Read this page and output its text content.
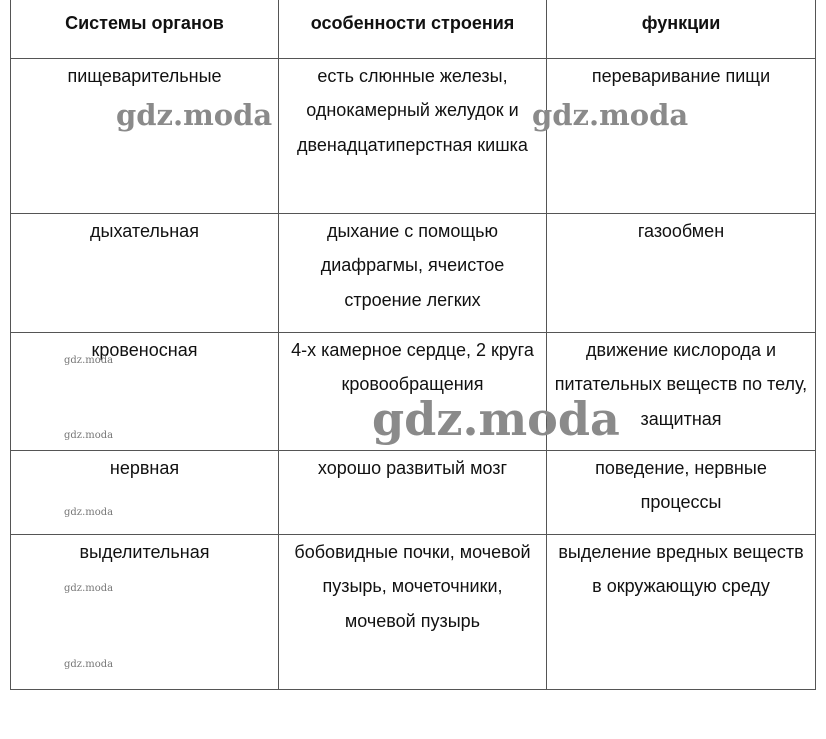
Системы органов	особенности строения	функции
пищеварительные	есть слюнные железы, однокамерный желудок и двенадцатиперстная кишка	переваривание пищи
дыхательная	дыхание с помощью диафрагмы, ячеистое строение легких	газообмен
кровеносная	4-х камерное сердце, 2 круга кровообращения	движение кислорода и питательных веществ по телу, защитная
нервная	хорошо развитый мозг	поведение, нервные процессы
выделительная	бобовидные почки, мочевой пузырь, мочеточники, мочевой пузырь	выделение вредных веществ в окружающую среду
gdz.moda	gdz.moda
gdz.moda
gdz.moda
gdz.moda
gdz.moda
gdz.moda
gdz.moda
